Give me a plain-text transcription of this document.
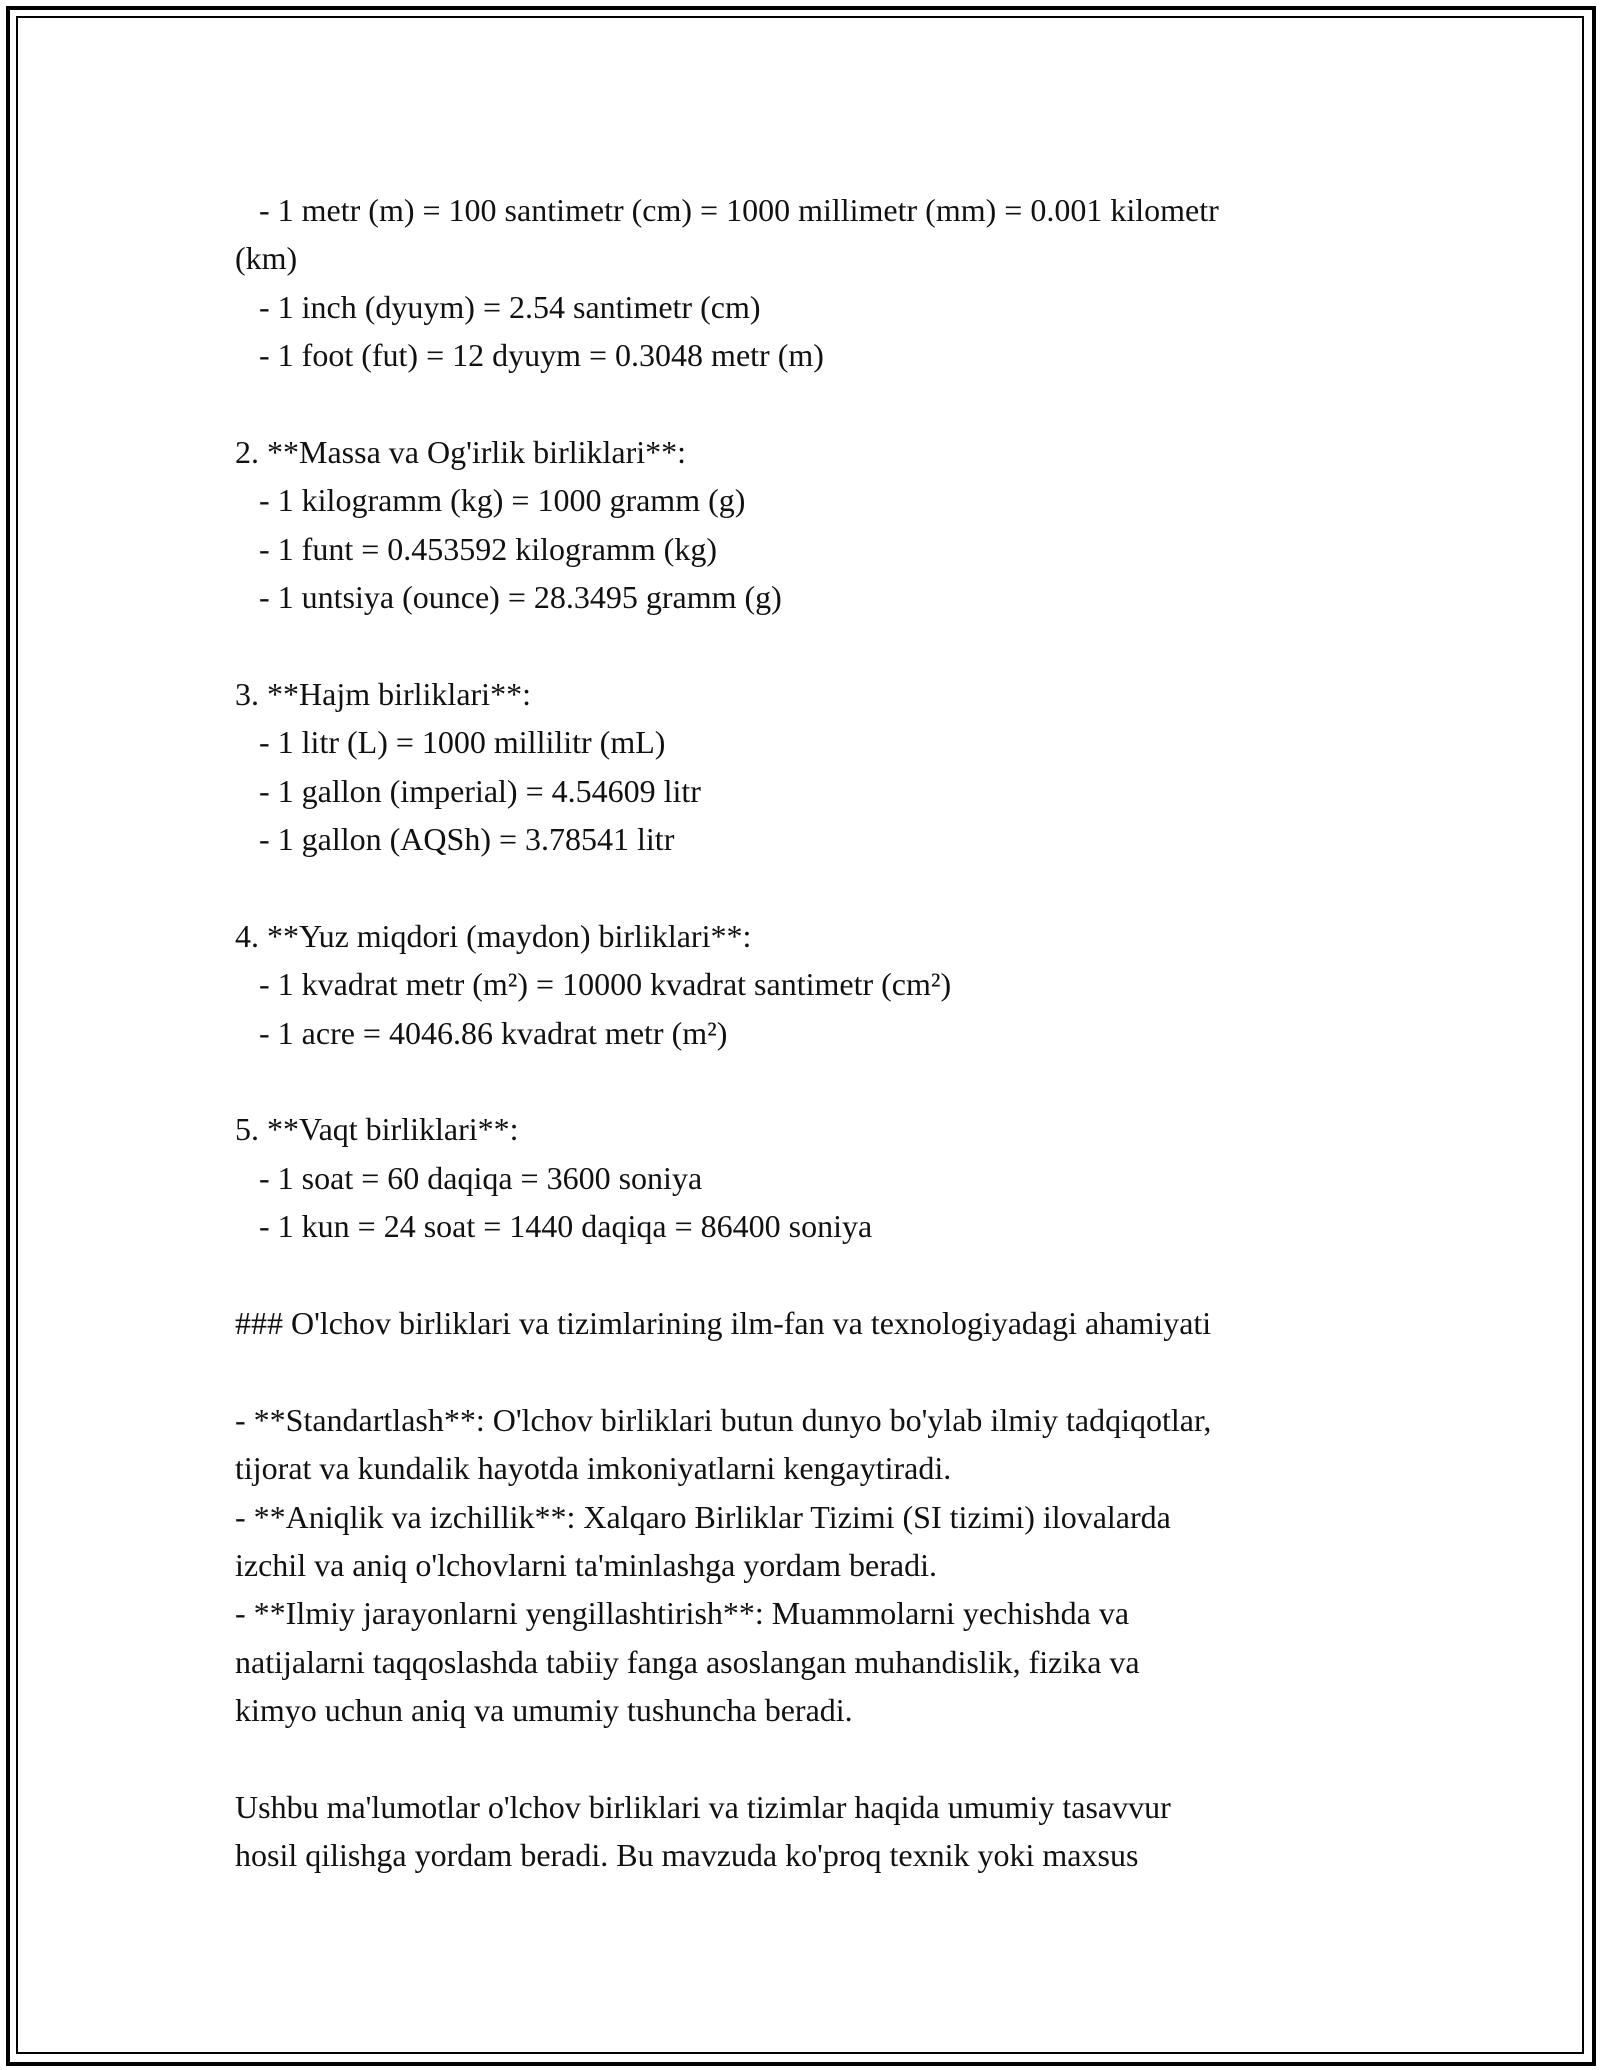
- 1 metr (m) = 100 santimetr (cm) = 1000 millimetr (mm) = 0.001 kilometr
(km)
- 1 inch (dyuym) = 2.54 santimetr (cm)
- 1 foot (fut) = 12 dyuym = 0.3048 metr (m)
2. **Massa va Og'irlik birliklari**:
- 1 kilogramm (kg) = 1000 gramm (g)
- 1 funt = 0.453592 kilogramm (kg)
- 1 untsiya (ounce) = 28.3495 gramm (g)
3. **Hajm birliklari**:
- 1 litr (L) = 1000 millilitr (mL)
- 1 gallon (imperial) = 4.54609 litr
- 1 gallon (AQSh) = 3.78541 litr
4. **Yuz miqdori (maydon) birliklari**:
- 1 kvadrat metr (m²) = 10000 kvadrat santimetr (cm²)
- 1 acre = 4046.86 kvadrat metr (m²)
5. **Vaqt birliklari**:
- 1 soat = 60 daqiqa = 3600 soniya
- 1 kun = 24 soat = 1440 daqiqa = 86400 soniya
### O'lchov birliklari va tizimlarining ilm-fan va texnologiyadagi ahamiyati
- **Standartlash**: O'lchov birliklari butun dunyo bo'ylab ilmiy tadqiqotlar,
tijorat va kundalik hayotda imkoniyatlarni kengaytiradi.
- **Aniqlik va izchillik**: Xalqaro Birliklar Tizimi (SI tizimi) ilovalarda
izchil va aniq o'lchovlarni ta'minlashga yordam beradi.
- **Ilmiy jarayonlarni yengillashtirish**: Muammolarni yechishda va
natijalarni taqqoslashda tabiiy fanga asoslangan muhandislik, fizika va
kimyo uchun aniq va umumiy tushuncha beradi.
Ushbu ma'lumotlar o'lchov birliklari va tizimlar haqida umumiy tasavvur
hosil qilishga yordam beradi. Bu mavzuda ko'proq texnik yoki maxsus
